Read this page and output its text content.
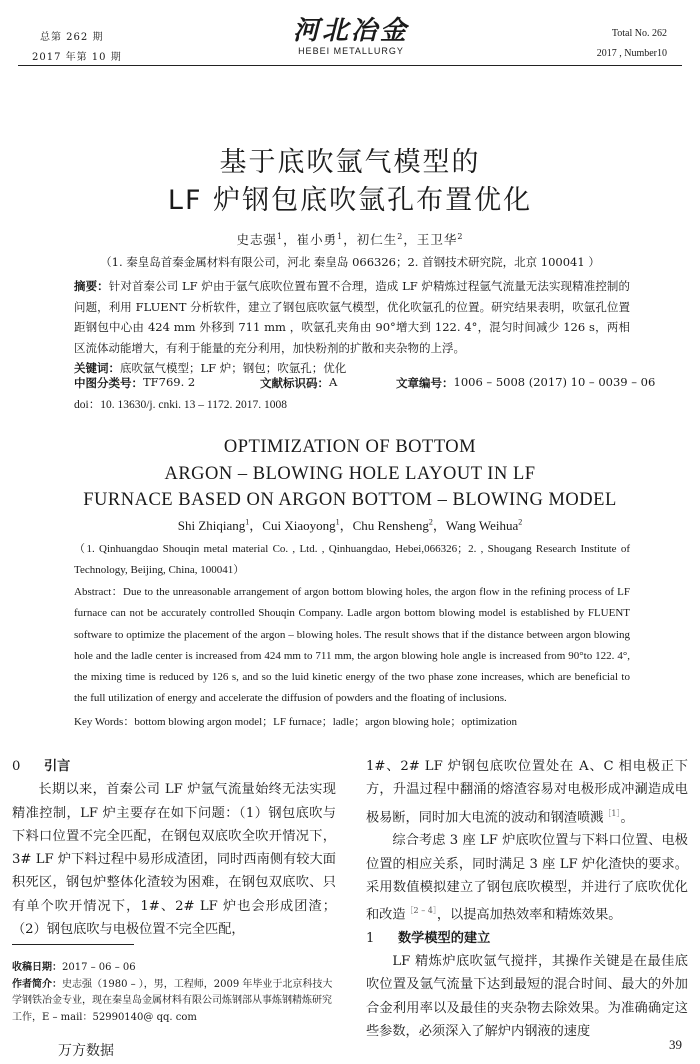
总第 262 期
2017 年第 10 期
河北冶金
HEBEI METALLURGY
Total No. 262
2017 , Number10
基于底吹氩气模型的
LF 炉钢包底吹氩孔布置优化
史志强$^1$，崔小勇$^1$，初仁生$^2$，王卫华$^2$
（1. 秦皇岛首秦金属材料有限公司，河北 秦皇岛 066326；2. 首钢技术研究院，北京 100041 ）

摘要：针对首秦公司 LF 炉由于氩气底吹位置布置不合理，造成 LF 炉精炼过程氩气流量无法实现精准控制的问题，利用 FLUENT 分析软件，建立了钢包底吹氩气模型，优化吹氩孔的位置。研究结果表明，吹氩孔位置距钢包中心由 424 mm 外移到 711 mm ，吹氩孔夹角由 90°增大到 122. 4°，混匀时间减少 126 s，两相区流体动能增大，有利于能量的充分利用，加快粉剂的扩散和夹杂物的上浮。

关键词：底吹氩气模型；LF 炉；钢包；吹氩孔；优化

中图分类号： TF769. 2	文献标识码： A	文章编号： 1006 – 5008 (2017) 10 – 0039 – 06
doi：10. 13630/j. cnki. 13 – 1172. 2017. 1008
OPTIMIZATION OF BOTTOM
ARGON – BLOWING HOLE LAYOUT IN LF
FURNACE BASED ON ARGON BOTTOM – BLOWING MODEL
Shi Zhiqiang$^1$，Cui Xiaoyong$^1$，Chu Rensheng$^2$，Wang Weihua$^2$
（1. Qinhuangdao Shouqin metal material Co. , Ltd. , Qinhuangdao, Hebei,066326；2. , Shougang Research Institute of Technology, Beijing, China, 100041）
Abstract：Due to the unreasonable arrangement of argon bottom blowing holes, the argon flow in the refining process of LF furnace can not be accurately controlled Shouqin Company. Ladle argon bottom blowing model is established by FLUENT software to optimize the placement of the argon – blowing holes. The result shows that if the distance between argon blowing hole and the ladle center is increased from 424 mm to 711 mm, the argon blowing hole angle is increased from 90°to 122. 4°, the mixing time is reduced by 126 s, and so the luid kinetic energy of the two phase zone increases, which are beneficial to the full utilization of energy and accelerate the diffusion of powders and the floating of inclusions.
Key Words：bottom blowing argon model；LF furnace；ladle；argon blowing hole；optimization
0 引言

长期以来，首秦公司 LF 炉氩气流量始终无法实现精准控制，LF 炉主要存在如下问题：（1）钢包底吹与下料口位置不完全匹配，在钢包双底吹全吹开情况下，3# LF 炉下料过程中易形成渣团，同时西南侧有较大面积死区，钢包炉整体化渣较为困难，在钢包双底吹、只有单个吹开情况下，1#、2# LF 炉也会形成团渣；（2）钢包底吹与电极位置不完全匹配，

1#、2# LF 炉钢包底吹位置处在 A、C 相电极正下方，升温过程中翻涌的熔渣容易对电极形成冲涮造成电极易断，同时加大电流的波动和钢渣喷溅$^{[1]}$。

综合考虑 3 座 LF 炉底吹位置与下料口位置、电极位置的相应关系，同时满足 3 座 LF 炉化渣快的要求。采用数值模拟建立了钢包底吹模型，并进行了底吹优化和改造$^{[2 - 4]}$，以提高加热效率和精炼效果。

1 数学模型的建立

LF 精炼炉底吹氩气搅拌，其操作关键是在最佳底吹位置及氩气流量下达到最短的混合时间、最大的外加合金利用率以及最佳的夹杂物去除效果。为准确确定这些参数，必须深入了解炉内钢液的速度

收稿日期：2017 – 06 – 06

作者简介：史志强（1980 – ），男，工程师，2009 年毕业于北京科技大学钢铁冶金专业，现在秦皇岛金属材料有限公司炼钢部从事炼钢精炼研究工作，E – mail：52990140@ qq. com

万方数据	39
